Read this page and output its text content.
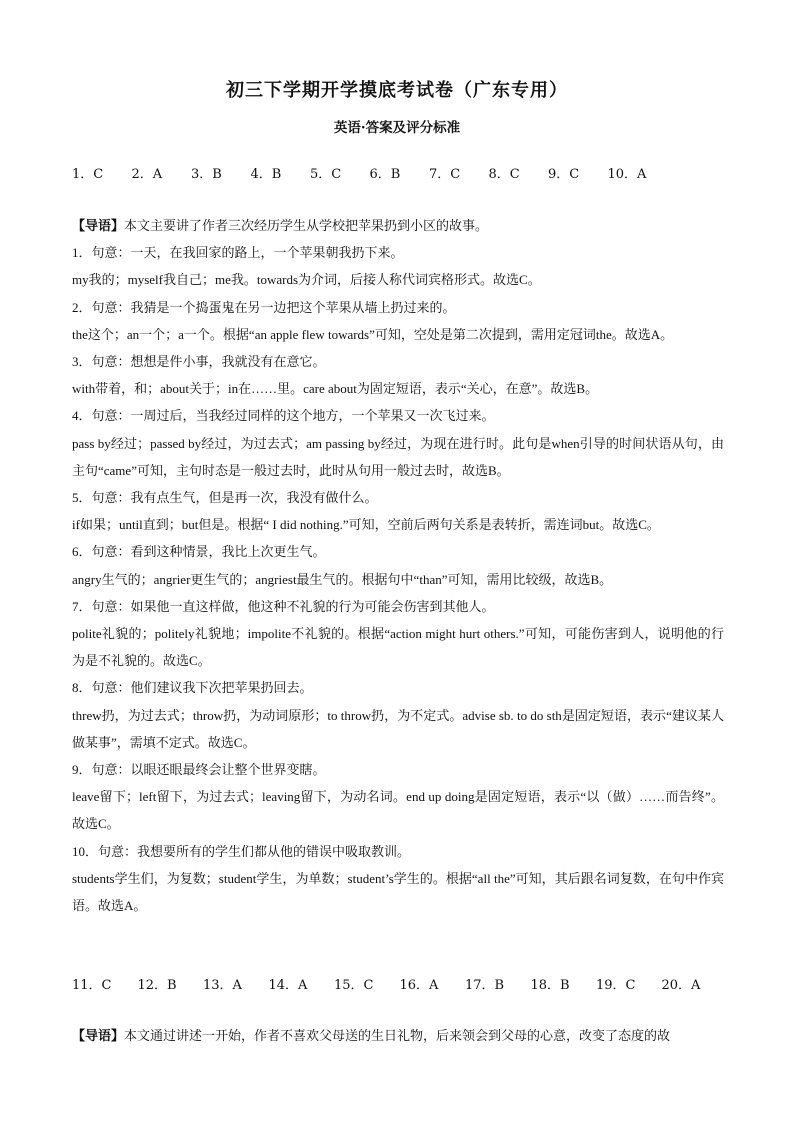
初三下学期开学摸底考试卷（广东专用）
英语·答案及评分标准
1．C 2．A 3．B 4．B 5．C 6．B 7．C 8．C 9．C 10．A

【导语】本文主要讲了作者三次经历学生从学校把苹果扔到小区的故事。

1．句意：一天，在我回家的路上，一个苹果朝我扔下来。

my我的；myself我自己；me我。towards为介词，后接人称代词宾格形式。故选C。

2．句意：我猜是一个捣蛋鬼在另一边把这个苹果从墙上扔过来的。

the这个；an一个；a一个。根据“an apple flew towards”可知，空处是第二次提到，需用定冠词the。故选A。

3．句意：想想是件小事，我就没有在意它。

with带着，和；about关于；in在……里。care about为固定短语，表示“关心，在意”。故选B。

4．句意：一周过后，当我经过同样的这个地方，一个苹果又一次飞过来。

pass by经过；passed by经过，为过去式；am passing by经过，为现在进行时。此句是when引导的时间状语从句，由主句“came”可知，主句时态是一般过去时，此时从句用一般过去时，故选B。

5．句意：我有点生气，但是再一次，我没有做什么。

if如果；until直到；but但是。根据“ I did nothing.”可知，空前后两句关系是表转折，需连词but。故选C。

6．句意：看到这种情景，我比上次更生气。

angry生气的；angrier更生气的；angriest最生气的。根据句中“than”可知，需用比较级，故选B。

7．句意：如果他一直这样做，他这种不礼貌的行为可能会伤害到其他人。

polite礼貌的；politely礼貌地；impolite不礼貌的。根据“action might hurt others.”可知，可能伤害到人，说明他的行为是不礼貌的。故选C。

8．句意：他们建议我下次把苹果扔回去。

threw扔，为过去式；throw扔，为动词原形；to throw扔，为不定式。advise sb. to do sth是固定短语，表示“建议某人做某事”，需填不定式。故选C。

9．句意：以眼还眼最终会让整个世界变瞎。

leave留下；left留下，为过去式；leaving留下，为动名词。end up doing是固定短语，表示“以（做）……而告终”。故选C。

10．句意：我想要所有的学生们都从他的错误中吸取教训。

students学生们，为复数；student学生，为单数；student’s学生的。根据“all the”可知，其后跟名词复数，在句中作宾语。故选A。

11．C 12．B 13．A 14．A 15．C 16．A 17．B 18．B 19．C 20．A
【导语】本文通过讲述一开始，作者不喜欢父母送的生日礼物，后来领会到父母的心意，改变了态度的故
